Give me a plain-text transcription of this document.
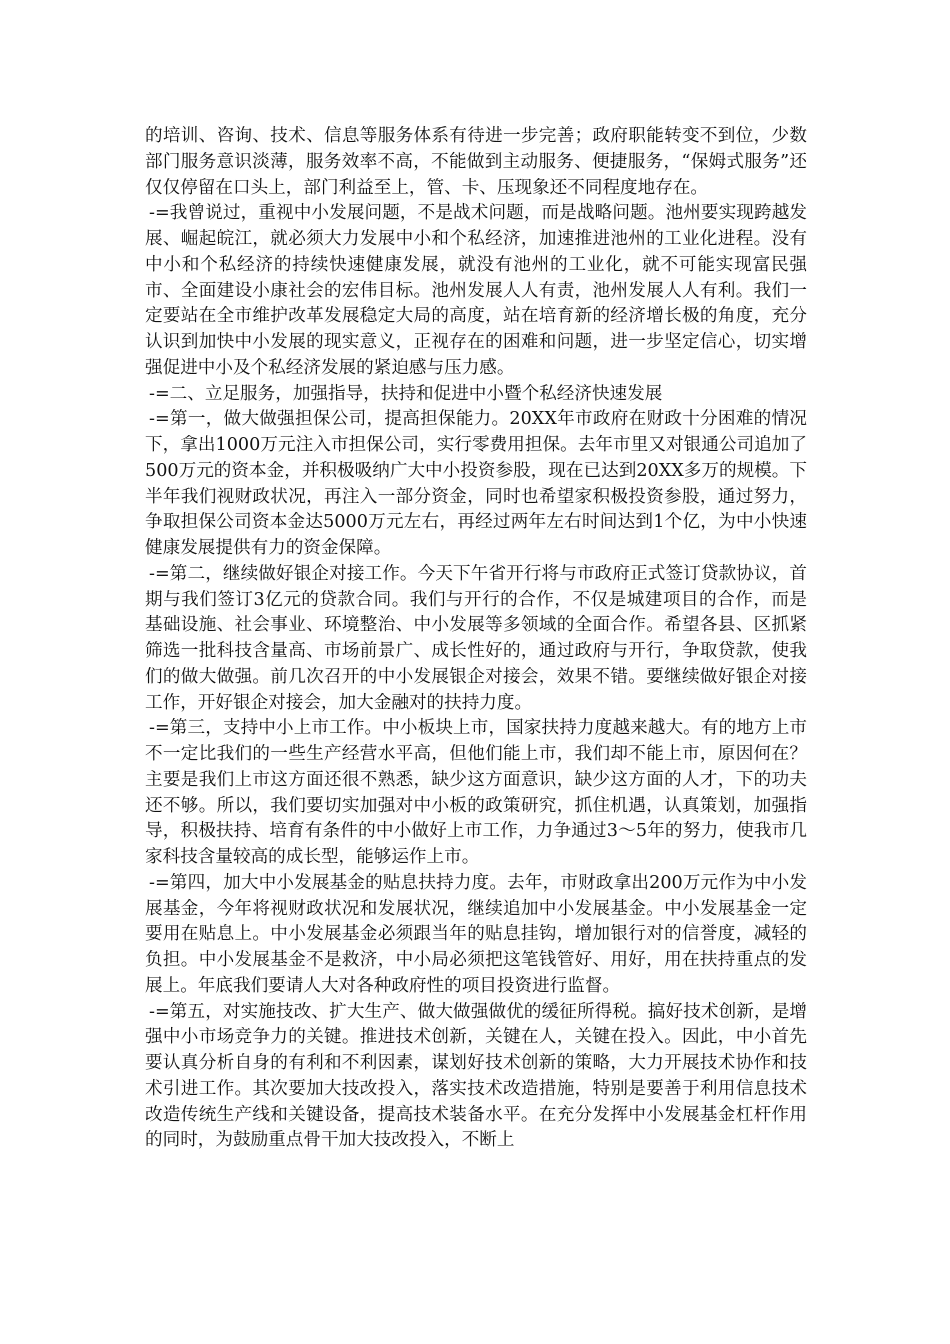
的培训、咨询、技术、信息等服务体系有待进一步完善；政府职能转变不到位，少数部门服务意识淡薄，服务效率不高，不能做到主动服务、便捷服务，“保姆式服务”还仅仅停留在口头上，部门利益至上，管、卡、压现象还不同程度地存在。

-=我曾说过，重视中小发展问题，不是战术问题，而是战略问题。池州要实现跨越发展、崛起皖江，就必须大力发展中小和个私经济，加速推进池州的工业化进程。没有中小和个私经济的持续快速健康发展，就没有池州的工业化，就不可能实现富民强市、全面建设小康社会的宏伟目标。池州发展人人有责，池州发展人人有利。我们一定要站在全市维护改革发展稳定大局的高度，站在培育新的经济增长极的角度，充分认识到加快中小发展的现实意义，正视存在的困难和问题，进一步坚定信心，切实增强促进中小及个私经济发展的紧迫感与压力感。

-=二、立足服务，加强指导，扶持和促进中小暨个私经济快速发展

-=第一，做大做强担保公司，提高担保能力。20XX年市政府在财政十分困难的情况下，拿出1000万元注入市担保公司，实行零费用担保。去年市里又对银通公司追加了500万元的资本金，并积极吸纳广大中小投资参股，现在已达到20XX多万的规模。下半年我们视财政状况，再注入一部分资金，同时也希望家积极投资参股，通过努力，争取担保公司资本金达5000万元左右，再经过两年左右时间达到1个亿，为中小快速健康发展提供有力的资金保障。

-=第二，继续做好银企对接工作。今天下午省开行将与市政府正式签订贷款协议，首期与我们签订3亿元的贷款合同。我们与开行的合作，不仅是城建项目的合作，而是基础设施、社会事业、环境整治、中小发展等多领域的全面合作。希望各县、区抓紧筛选一批科技含量高、市场前景广、成长性好的，通过政府与开行，争取贷款，使我们的做大做强。前几次召开的中小发展银企对接会，效果不错。要继续做好银企对接工作，开好银企对接会，加大金融对的扶持力度。

-=第三，支持中小上市工作。中小板块上市，国家扶持力度越来越大。有的地方上市不一定比我们的一些生产经营水平高，但他们能上市，我们却不能上市，原因何在？主要是我们上市这方面还很不熟悉，缺少这方面意识，缺少这方面的人才，下的功夫还不够。所以，我们要切实加强对中小板的政策研究，抓住机遇，认真策划，加强指导，积极扶持、培育有条件的中小做好上市工作，力争通过3～5年的努力，使我市几家科技含量较高的成长型，能够运作上市。

-=第四，加大中小发展基金的贴息扶持力度。去年，市财政拿出200万元作为中小发展基金，今年将视财政状况和发展状况，继续追加中小发展基金。中小发展基金一定要用在贴息上。中小发展基金必须跟当年的贴息挂钩，增加银行对的信誉度，减轻的负担。中小发展基金不是救济，中小局必须把这笔钱管好、用好，用在扶持重点的发展上。年底我们要请人大对各种政府性的项目投资进行监督。

-=第五，对实施技改、扩大生产、做大做强做优的缓征所得税。搞好技术创新，是增强中小市场竞争力的关键。推进技术创新，关键在人，关键在投入。因此，中小首先要认真分析自身的有利和不利因素，谋划好技术创新的策略，大力开展技术协作和技术引进工作。其次要加大技改投入，落实技术改造措施，特别是要善于利用信息技术改造传统生产线和关键设备，提高技术装备水平。在充分发挥中小发展基金杠杆作用的同时，为鼓励重点骨干加大技改投入，不断上
